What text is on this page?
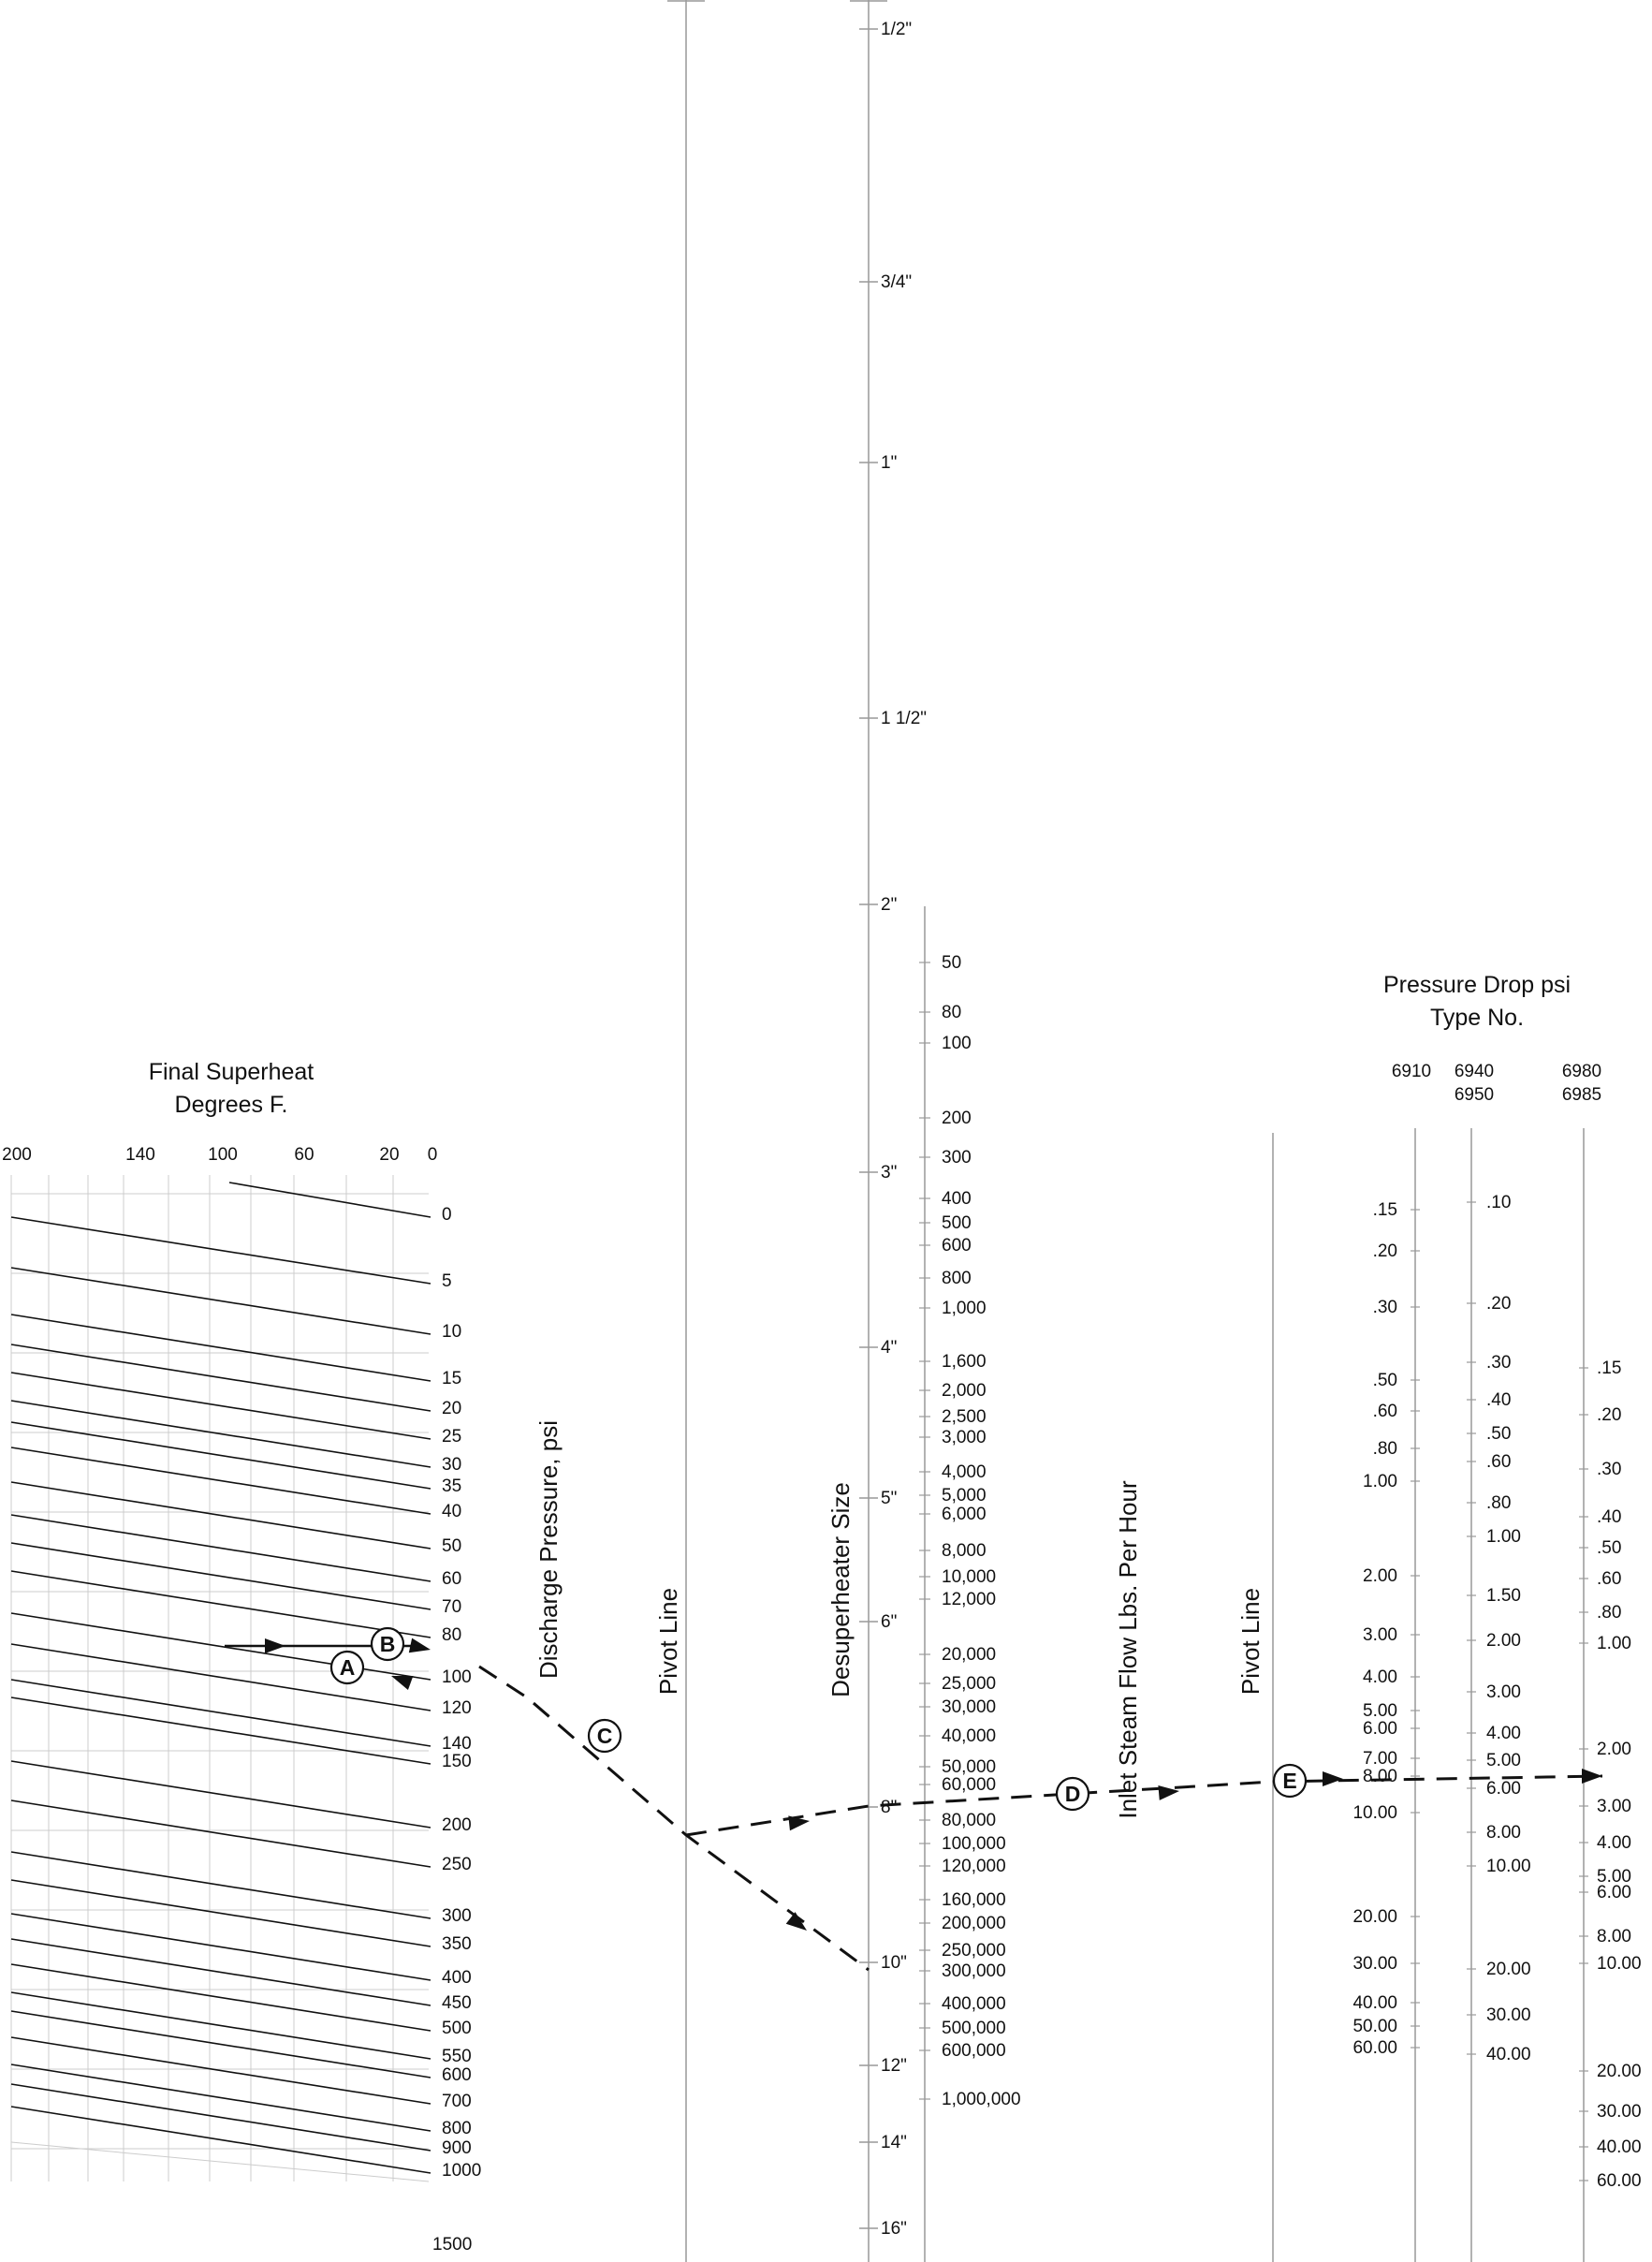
200	140	100	60	20 0
0
5
10
15
20
25
30
35
40
50
60
70
80
100
120
140
150
200
250
300
350
400
450
500
550
600
700
800
900
1000
1500
1/2"
3/4"
1"
1 1/2"
2"
3"
4"
5"
6"
8"
10"
12"
14"
16"
50
80
100
200
300
400
500
600
800
1,000
1,600
2,000
2,500
3,000
4,000
5,000
6,000
8,000
10,000
12,000
20,000
25,000
30,000
40,000
50,000
60,000
80,000
100,000
120,000
160,000
200,000
250,000
300,000
400,000
500,000
600,000
1,000,000
6910 6940
6950
6980
6985
.15
.20
.30
.50
.60
.80
1.00
2.00
3.00
4.00
5.00
6.00
7.00
8.00
10.00
20.00
30.00
40.00
50.00
60.00
.10
.20
.30
.40
.50
.60
.80
1.00
1.50
2.00
3.00
4.00
5.00
6.00
8.00
10.00
20.00
30.00
40.00
.15
.20
.30
.40
.50
.60
.80
1.00
2.00
3.00
4.00
5.00
6.00
8.00
10.00
20.00
30.00
40.00
60.00
A
B
C
D
E
Final Superheat
Degrees F.
Pressure Drop psi
Type No.
Discharge Pressure, psi	Pivot Line	Desuperheater Size	Inlet Steam Flow Lbs. Per Hour	Pivot Line
